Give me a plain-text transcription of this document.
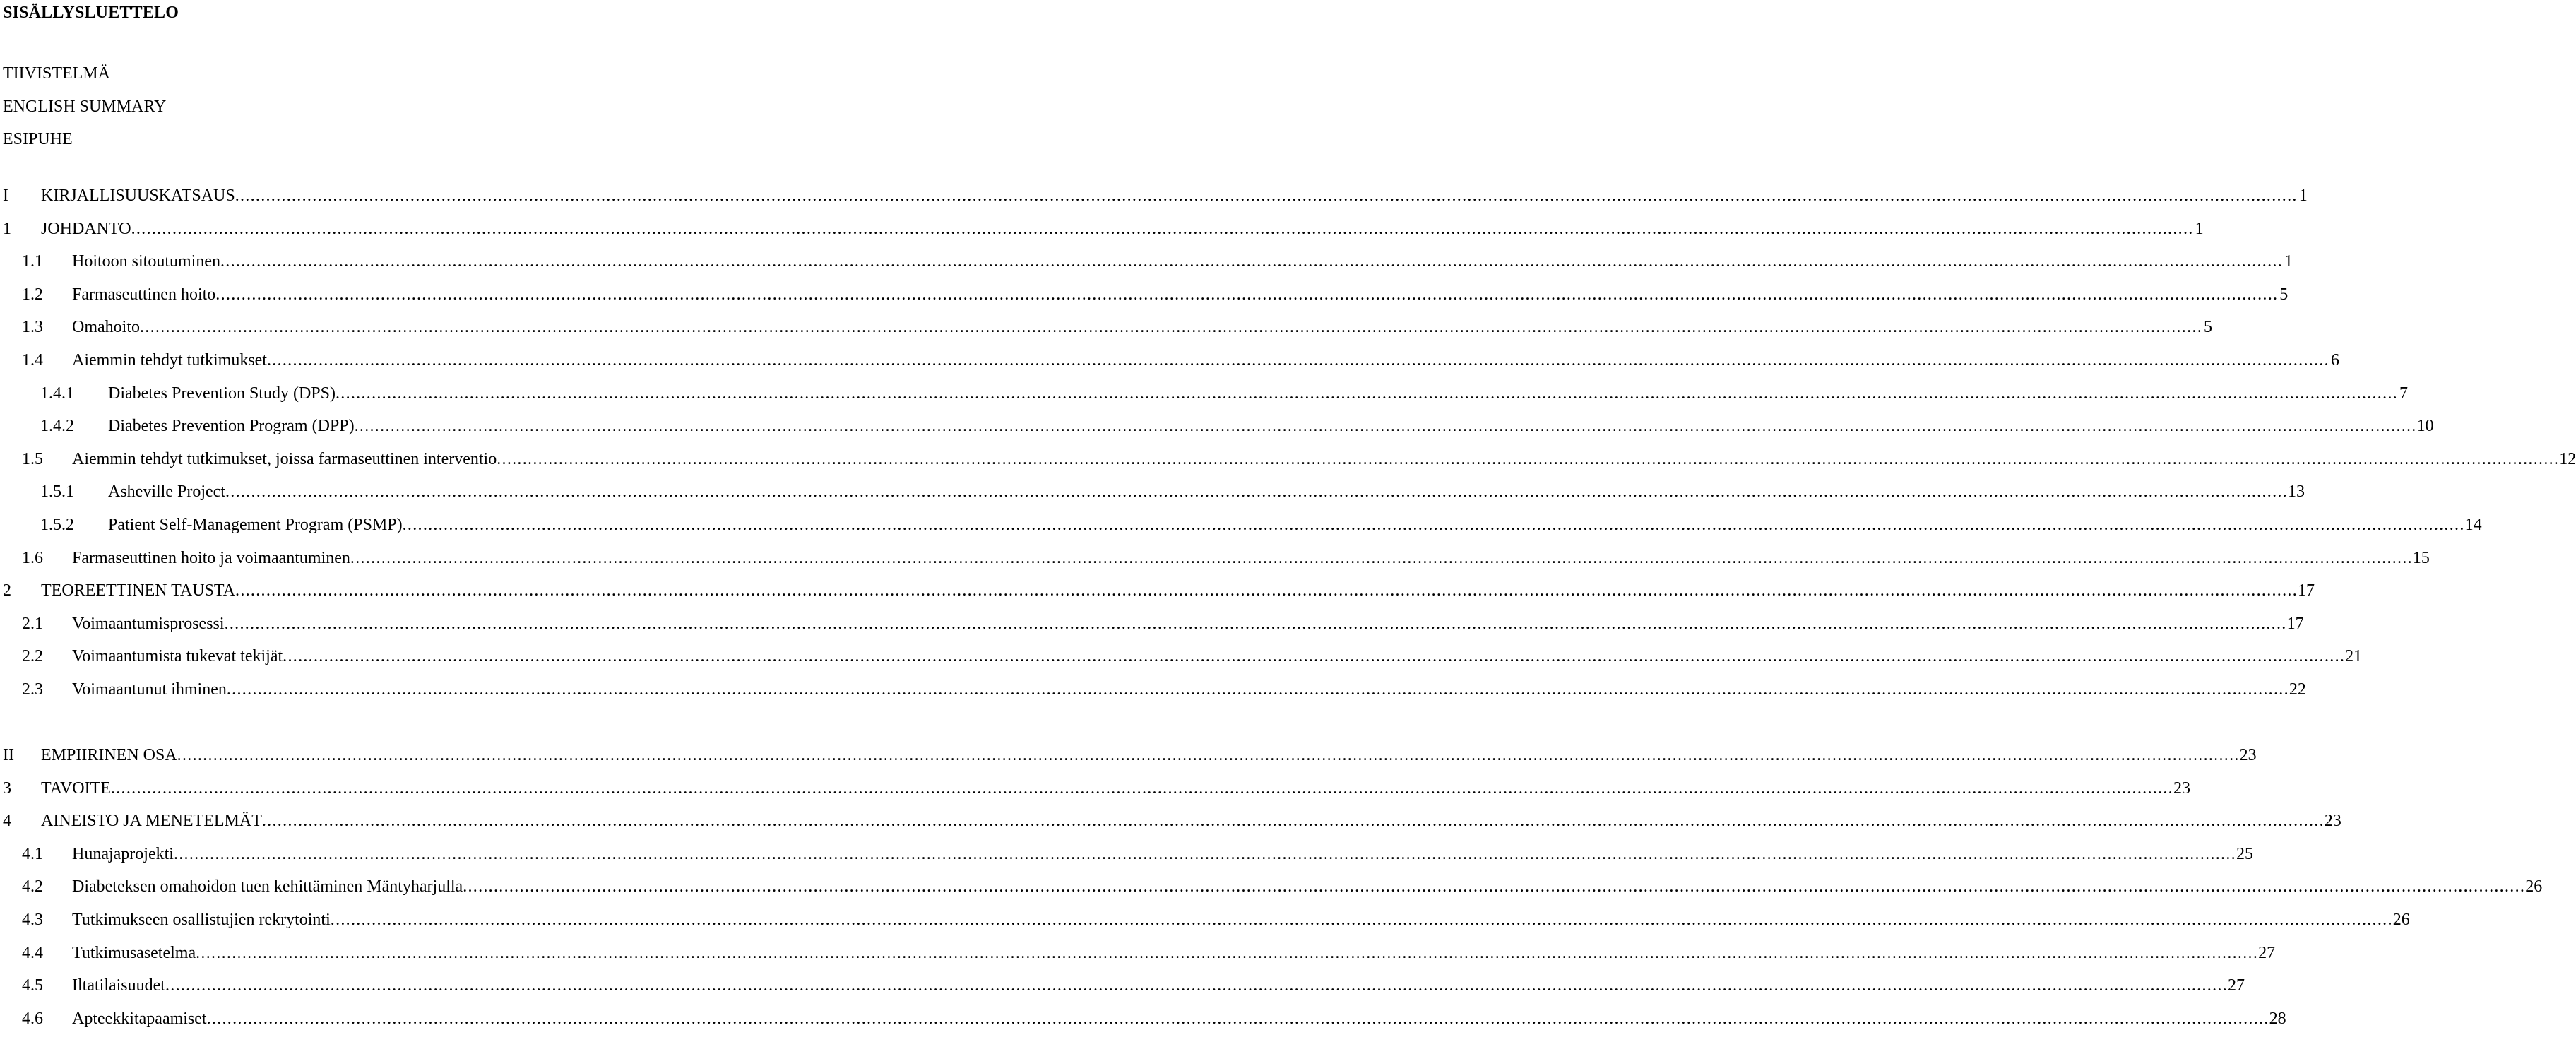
SISÄLLYSLUETTELO
TIIVISTELMÄ
ENGLISH SUMMARY
ESIPUHE
I KIRJALLISUUSKATSAUS ................................................................................................................................................................................................................................................................................................................................................................................................................ 1
1 JOHDANTO ................................................................................................................................................................................................................................................................................................................................................................................................................ 1
1.1 Hoitoon sitoutuminen ................................................................................................................................................................................................................................................................................................................................................................................................................ 1
1.2 Farmaseuttinen hoito ................................................................................................................................................................................................................................................................................................................................................................................................................ 5
1.3 Omahoito ................................................................................................................................................................................................................................................................................................................................................................................................................ 5
1.4 Aiemmin tehdyt tutkimukset ................................................................................................................................................................................................................................................................................................................................................................................................................ 6
1.4.1 Diabetes Prevention Study (DPS) ................................................................................................................................................................................................................................................................................................................................................................................................................ 7
1.4.2 Diabetes Prevention Program (DPP) ................................................................................................................................................................................................................................................................................................................................................................................................................ 10
1.5 Aiemmin tehdyt tutkimukset, joissa farmaseuttinen interventio ................................................................................................................................................................................................................................................................................................................................................................................................................ 12
1.5.1 Asheville Project ................................................................................................................................................................................................................................................................................................................................................................................................................ 13
1.5.2 Patient Self-Management Program (PSMP) ................................................................................................................................................................................................................................................................................................................................................................................................................ 14
1.6 Farmaseuttinen hoito ja voimaantuminen ................................................................................................................................................................................................................................................................................................................................................................................................................ 15
2 TEOREETTINEN TAUSTA ................................................................................................................................................................................................................................................................................................................................................................................................................ 17
2.1 Voimaantumisprosessi ................................................................................................................................................................................................................................................................................................................................................................................................................ 17
2.2 Voimaantumista tukevat tekijät ................................................................................................................................................................................................................................................................................................................................................................................................................ 21
2.3 Voimaantunut ihminen ................................................................................................................................................................................................................................................................................................................................................................................................................ 22
II EMPIIRINEN OSA ................................................................................................................................................................................................................................................................................................................................................................................................................ 23
3 TAVOITE ................................................................................................................................................................................................................................................................................................................................................................................................................ 23
4 AINEISTO JA MENETELMÄT ................................................................................................................................................................................................................................................................................................................................................................................................................ 23
4.1 Hunajaprojekti ................................................................................................................................................................................................................................................................................................................................................................................................................ 25
4.2 Diabeteksen omahoidon tuen kehittäminen Mäntyharjulla ................................................................................................................................................................................................................................................................................................................................................................................................................ 26
4.3 Tutkimukseen osallistujien rekrytointi ................................................................................................................................................................................................................................................................................................................................................................................................................ 26
4.4 Tutkimusasetelma ................................................................................................................................................................................................................................................................................................................................................................................................................ 27
4.5 Iltatilaisuudet ................................................................................................................................................................................................................................................................................................................................................................................................................ 27
4.6 Apteekkitapaamiset ................................................................................................................................................................................................................................................................................................................................................................................................................ 28
